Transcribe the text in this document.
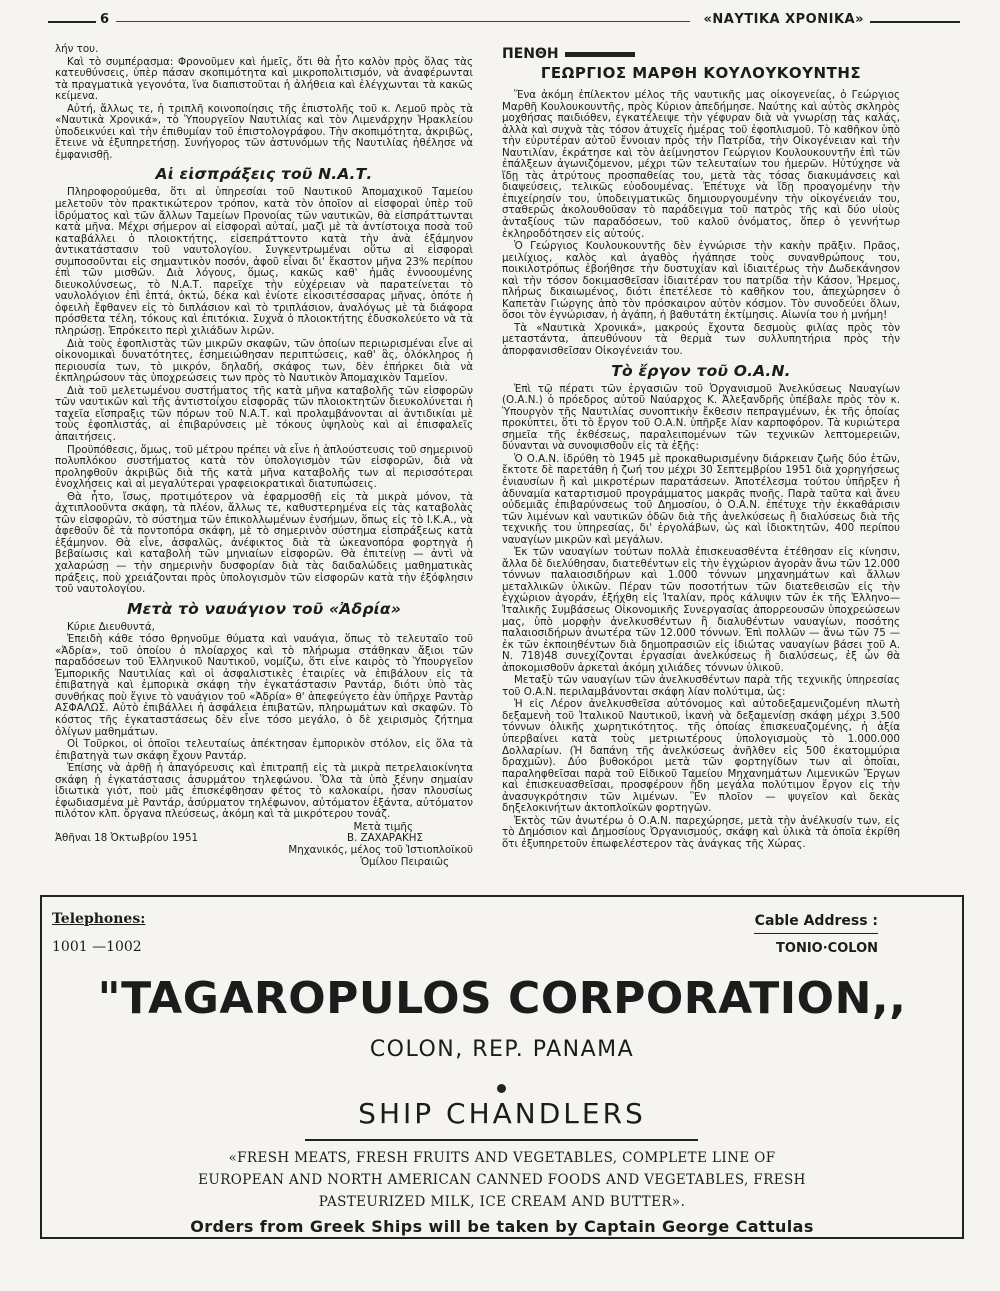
6	«ΝΑΥΤΙΚΑ ΧΡΟΝΙΚΑ»

λήν του.

Καὶ τὸ συμπέρασμα: Φρονοῦμεν καὶ ἡμεῖς, ὅτι θὰ ἦτο καλὸν πρὸς ὅλας τὰς κατευθύνσεις, ὑπὲρ πάσαν σκοπιμότητα καὶ μικροπολιτισμόν, νὰ ἀναφέρωνται τὰ πραγματικὰ γεγονότα, ἵνα διαπιστοῦται ἡ ἀλήθεια καὶ ἐλέγχωνται τὰ κακῶς κείμενα.

Αὐτή, ἄλλως τε, ἡ τριπλῆ κοινοποίησις τῆς ἐπιστολῆς τοῦ κ. Λεμοῦ πρὸς τὰ «Ναυτικὰ Χρονικά», τὸ Ὑπουργεῖον Ναυτιλίας καὶ τὸν Λιμενάρχην Ἡρακλείου ὑποδεικνύει καὶ τὴν ἐπιθυμίαν τοῦ ἐπιστολογράφου. Τὴν σκοπιμότητα, ἀκριβῶς, ἔτεινε νὰ ἐξυπηρετήσῃ. Συνήγορος τῶν ἀστυνόμων τῆς Ναυτιλίας ἠθέλησε νὰ ἐμφανισθῇ.

Αἱ εἰσπράξεις τοῦ Ν.Α.Τ.

Πληροφορούμεθα, ὅτι αἱ ὑπηρεσίαι τοῦ Ναυτικοῦ Ἀπομαχικοῦ Ταμείου μελετοῦν τὸν πρακτικώτερον τρόπον, κατὰ τὸν ὁποῖον αἱ εἰσφοραὶ ὑπὲρ τοῦ ἱδρύματος καὶ τῶν ἄλλων Ταμείων Προνοίας τῶν ναυτικῶν, θὰ εἰσπράττωνται κατὰ μῆνα. Μέχρι σήμερον αἱ εἰσφοραὶ αὐταί, μαζὶ μὲ τὰ ἀντίστοιχα ποσὰ τοῦ καταβάλλει ὁ πλοιοκτήτης, εἰσεπράττοντο κατὰ τὴν ἀνὰ ἑξάμηνον ἀντικατάστασιν τοῦ ναυτολογίου. Συγκεντρωμέναι οὕτω αἱ εἰσφοραὶ συμποσοῦνται εἰς σημαντικὸν ποσόν, ἀφοῦ εἶναι δι' ἕκαστον μῆνα 23% περίπου ἐπὶ τῶν μισθῶν. Διὰ λόγους, ὅμως, κακῶς καθ' ἡμᾶς ἐννοουμένης διευκολύνσεως, τὸ Ν.Α.Τ. παρεῖχε τὴν εὐχέρειαν νὰ παρατείνεται τὸ ναυλολόγιον ἐπὶ ἑπτά, ὀκτώ, δέκα καὶ ἐνίοτε εἰκοσιτέσσαρας μῆνας, ὁπότε ἡ ὀφειλὴ ἔφθανεν εἰς τὸ διπλάσιον καὶ τὸ τριπλάσιον, ἀναλόγως μὲ τὰ διάφορα πρόσθετα τέλη, τόκους καὶ ἐπιτόκια. Συχνὰ ὁ πλοιοκτήτης ἐδυσκολεύετο νὰ τὰ πληρώσῃ. Ἐπρόκειτο περὶ χιλιάδων λιρῶν.

Διὰ τοὺς ἐφοπλιστὰς τῶν μικρῶν σκαφῶν, τῶν ὁποίων περιωρισμέναι εἶνε αἱ οἰκονομικαὶ δυνατότητες, ἐσημειώθησαν περιπτώσεις, καθ' ἃς, ὁλόκληρος ἡ περιουσία των, τὸ μικρόν, δηλαδή, σκάφος των, δὲν ἐπήρκει διὰ νὰ ἐκπληρώσουν τὰς ὑποχρεώσεις των πρὸς τὸ Ναυτικὸν Ἀπομαχικὸν Ταμεῖον.

Διὰ τοῦ μελετωμένου συστήματος τῆς κατὰ μῆνα καταβολῆς τῶν εἰσφορῶν τῶν ναυτικῶν καὶ τῆς ἀντιστοίχου εἰσφορᾶς τῶν πλοιοκτητῶν διευκολύνεται ἡ ταχεῖα εἴσπραξις τῶν πόρων τοῦ Ν.Α.Τ. καὶ προλαμβάνονται αἱ ἀντιδικίαι μὲ τοὺς ἐφοπλιστάς, αἱ ἐπιβαρύνσεις μὲ τόκους ὑψηλοὺς καὶ αἱ ἐπισφαλεῖς ἀπαιτήσεις.

Προϋπόθεσις, ὅμως, τοῦ μέτρου πρέπει νὰ εἶνε ἡ ἁπλούστευσις τοῦ σημερινοῦ πολυπλόκου συστήματος κατὰ τὸν ὑπολογισμὸν τῶν εἰσφορῶν, διὰ νὰ προληφθοῦν ἀκριβῶς διὰ τῆς κατὰ μῆνα καταβολῆς των αἱ περισσότεραι ἐνοχλήσεις καὶ αἱ μεγαλύτεραι γραφειοκρατικαὶ διατυπώσεις.

Θὰ ἦτο, ἴσως, προτιμότερον νὰ ἐφαρμοσθῇ εἰς τὰ μικρὰ μόνον, τὰ ἀχτιπλοοῦντα σκάφη, τὰ πλέον, ἄλλως τε, καθυστερημένα εἰς τὰς καταβολὰς τῶν εἰσφορῶν, τὸ σύστημα τῶν ἐπικολλωμένων ἐνσήμων, ὅπως εἰς τὸ Ι.Κ.Α., νὰ ἀφεθοῦν δὲ τὰ ποντοπόρα σκάφη, μὲ τὸ σημερινὸν σύστημα εἰσπράξεως κατὰ ἑξάμηνον. Θὰ εἶνε, ἀσφαλῶς, ἀνέφικτος διὰ τὰ ὠκεανοπόρα φορτηγὰ ἡ βεβαίωσις καὶ καταβολὴ τῶν μηνιαίων εἰσφορῶν. Θὰ ἐπιτείνῃ — ἀντὶ νὰ χαλαρώσῃ — τὴν σημερινὴν δυσφορίαν διὰ τὰς δαιδαλώδεις μαθηματικὰς πράξεις, ποὺ χρειάζονται πρὸς ὑπολογισμὸν τῶν εἰσφορῶν κατὰ τὴν ἐξόφλησιν τοῦ ναυτολογίου.

Μετὰ τὸ ναυάγιον τοῦ «Ἀδρία»

Κύριε Διευθυντά,

Ἐπειδὴ κάθε τόσο θρηνοῦμε θύματα καὶ ναυάγια, ὅπως τὸ τελευταῖο τοῦ «Ἀδρία», τοῦ ὁποίου ὁ πλοίαρχος καὶ τὸ πλήρωμα στάθηκαν ἄξιοι τῶν παραδόσεων τοῦ Ἑλληνικοῦ Ναυτικοῦ, νομίζω, ὅτι εἶνε καιρὸς τὸ Ὑπουργεῖον Ἐμπορικῆς Ναυτιλίας καὶ οἱ ἀσφαλιστικὲς ἑταιρίες νὰ ἐπιβάλουν εἰς τὰ ἐπιβατηγὰ καὶ ἐμπορικὰ σκάφη τὴν ἐγκατάστασιν Ραντάρ, διότι ὑπὸ τὰς συνθήκας ποὺ ἔγινε τὸ ναυάγιον τοῦ «Ἀδρία» θ' ἀπεφεύγετο ἐὰν ὑπῆρχε Ραντὰρ ΑΣΦΑΛΩΣ. Αὐτὸ ἐπιβάλλει ἡ ἀσφάλεια ἐπιβατῶν, πληρωμάτων καὶ σκαφῶν. Τὸ κόστος τῆς ἐγκαταστάσεως δὲν εἶνε τόσο μεγάλο, ὁ δὲ χειρισμὸς ζήτημα ὀλίγων μαθημάτων.

Οἱ Τοῦρκοι, οἱ ὁποῖοι τελευταίως ἀπέκτησαν ἐμπορικὸν στόλον, εἰς ὅλα τὰ ἐπιβατηγὰ των σκάφη ἔχουν Ραντάρ.

Ἐπίσης νὰ ἀρθῇ ἡ ἀπαγόρευσις καὶ ἐπιτραπῇ εἰς τὰ μικρὰ πετρελαιοκίνητα σκάφη ἡ ἐγκατάστασις ἀσυρμάτου τηλεφώνου. Ὅλα τὰ ὑπὸ ξένην σημαίαν ἰδιωτικὰ γιότ, ποὺ μᾶς ἐπισκέφθησαν φέτος τὸ καλοκαίρι, ἦσαν πλουσίως ἐφωδιασμένα μὲ Ραντάρ, ἀσύρματον τηλέφωνον, αὐτόματον ἑξάντα, αὐτόματον πιλότον κλπ. ὄργανα πλεύσεως, ἀκόμη καὶ τὰ μικρότερου τονάζ.

Μετὰ τιμῆς
Ἀθῆναι 18 Ὀκτωβρίου 1951	Β. ΖΑΧΑΡΑΚΗΣ
Μηχανικός, μέλος τοῦ Ἱστιοπλοϊκοῦ
Ὁμίλου Πειραιῶς
ΠΕΝΘΗ
ΓΕΩΡΓΙΟΣ ΜΑΡΘΗ ΚΟΥΛΟΥΚΟΥΝΤΗΣ

Ἕνα ἀκόμη ἐπίλεκτον μέλος τῆς ναυτικῆς μας οἰκογενείας, ὁ Γεώργιος Μαρθῆ Κουλουκουντῆς, πρὸς Κύριον ἀπεδήμησε. Ναύτης καὶ αὐτὸς σκληρὸς μοχθήσας παιδιόθεν, ἐγκατέλειψε τὴν γέφυραν διὰ νὰ γνωρίσῃ τὰς καλάς, ἀλλὰ καὶ συχνὰ τὰς τόσον ἀτυχεῖς ἡμέρας τοῦ ἐφοπλισμοῦ. Τὸ καθῆκον ὑπὸ τὴν εὐρυτέραν αὐτοῦ ἔννοιαν πρὸς τὴν Πατρίδα, τὴν Οἰκογένειαν καὶ τὴν Ναυτιλίαν, ἐκράτησε καὶ τὸν ἀείμνηστον Γεώργιον Κουλουκουντῆν ἐπὶ τῶν ἐπάλξεων ἀγωνιζόμενον, μέχρι τῶν τελευταίων του ἡμερῶν. Ηὐτύχησε νὰ ἴδῃ τὰς ἀτρύτους προσπαθείας του, μετὰ τὰς τόσας διακυμάνσεις καὶ διαψεύσεις, τελικῶς εὐοδουμένας. Ἐπέτυχε νὰ ἴδῃ προαγομένην τὴν ἐπιχείρησίν του, ὑποδειγματικῶς δημιουργουμένην τὴν οἰκογένειάν του, σταθερῶς ἀκολουθοῦσαν τὸ παράδειγμα τοῦ πατρὸς τῆς καὶ δύο υἱοὺς ἀνταξίους τῶν παραδόσεων, τοῦ καλοῦ ὀνόματος, ὅπερ ὁ γεννήτωρ ἐκληροδότησεν εἰς αὐτούς.

Ὁ Γεώργιος Κουλουκουντῆς δὲν ἐγνώρισε τὴν κακὴν πρᾶξιν. Πρᾶος, μειλίχιος, καλὸς καὶ ἀγαθὸς ἠγάπησε τοὺς συνανθρώπους του, ποικιλοτρόπως ἐβοήθησε τὴν δυστυχίαν καὶ ἰδιαιτέρως τὴν Δωδεκάνησον καὶ τὴν τόσον δοκιμασθεῖσαν ἰδιαιτέραν του πατρίδα τὴν Κάσον. Ἠρεμος, πλήρως δικαιωμένος, διότι ἐπετέλεσε τὸ καθῆκον του, ἀπεχώρησεν ὁ Καπετὰν Γιώργης ἀπὸ τὸν πρόσκαιρον αὐτὸν κόσμον. Τὸν συνοδεύει ὅλων, ὅσοι τὸν ἐγνώρισαν, ἡ ἀγάπη, ἡ βαθυτάτη ἐκτίμησις. Αἰωνία του ἡ μνήμη!

Τὰ «Ναυτικὰ Χρονικά», μακρούς ἔχοντα δεσμοὺς φιλίας πρὸς τὸν μεταστάντα, ἀπευθύνουν τὰ θερμὰ των συλλυπητήρια πρὸς τὴν ἀπορφανισθεῖσαν Οἰκογένειάν του.

Τὸ ἔργον τοῦ Ο.Α.Ν.

Ἐπὶ τῷ πέρατι τῶν ἐργασιῶν τοῦ Ὀργανισμοῦ Ἀνελκύσεως Ναυαγίων (Ο.Α.Ν.) ὁ πρόεδρος αὐτοῦ Ναύαρχος Κ. Ἀλεξανδρῆς ὑπέβαλε πρὸς τὸν κ. Ὑπουργὸν τῆς Ναυτιλίας συνοπτικὴν ἔκθεσιν πεπραγμένων, ἐκ τῆς ὁποίας προκύπτει, ὅτι τὸ ἔργον τοῦ Ο.Α.Ν. ὑπῆρξε λίαν καρποφόρον. Τὰ κυριώτερα σημεῖα τῆς ἐκθέσεως, παραλειπομένων τῶν τεχνικῶν λεπτομερειῶν, δύνανται νὰ συνοψισθοῦν εἰς τὰ ἑξῆς:

Ὁ Ο.Α.Ν. ἱδρύθη τὸ 1945 μὲ προκαθωρισμένην διάρκειαν ζωῆς δύο ἐτῶν, ἔκτοτε δὲ παρετάθη ἡ ζωή του μέχρι 30 Σεπτεμβρίου 1951 διὰ χορηγήσεως ἐνιαυσίων ἢ καὶ μικροτέρων παρατάσεων. Ἀποτέλεσμα τούτου ὑπῆρξεν ἡ ἀδυναμία καταρτισμοῦ προγράμματος μακρᾶς πνοῆς. Παρὰ ταῦτα καὶ ἄνευ οὐδεμιᾶς ἐπιβαρύνσεως τοῦ Δημοσίου, ὁ Ο.Α.Ν. ἐπέτυχε τὴν ἐκκαθάρισιν τῶν λιμένων καὶ ναυτικῶν ὁδῶν διὰ τῆς ἀνελκύσεως ἢ διαλύσεως διὰ τῆς τεχνικῆς του ὑπηρεσίας, δι' ἐργολάβων, ὡς καὶ ἰδιοκτητῶν, 400 περίπου ναυαγίων μικρῶν καὶ μεγάλων.

Ἐκ τῶν ναυαγίων τούτων πολλὰ ἐπισκευασθέντα ἐτέθησαν εἰς κίνησιν, ἄλλα δὲ διελύθησαν, διατεθέντων εἰς τὴν ἐγχώριον ἀγορὰν ἄνω τῶν 12.000 τόννων παλαιοσιδήρων καὶ 1.000 τόννων μηχανημάτων καὶ ἄλλων μεταλλικῶν ὑλικῶν. Πέραν τῶν ποσοτήτων τῶν διατεθεισῶν εἰς τὴν ἐγχώριον ἀγοράν, ἐξήχθη εἰς Ἰταλίαν, πρὸς κάλυψιν τῶν ἐκ τῆς Ἑλληνο—Ἰταλικῆς Συμβάσεως Οἰκονομικῆς Συνεργασίας ἀπορρεουσῶν ὑποχρεώσεων μας, ὑπὸ μορφὴν ἀνελκυσθέντων ἢ διαλυθέντων ναυαγίων, ποσότης παλαιοσιδήρων ἀνωτέρα τῶν 12.000 τόννων. Ἐπὶ πολλῶν — ἄνω τῶν 75 — ἐκ τῶν ἐκποιηθέντων διὰ δημοπρασιῶν εἰς ἰδιώτας ναυαγίων βάσει τοῦ Α. Ν. 718)48 συνεχίζονται ἐργασίαι ἀνελκύσεως ἢ διαλύσεως, ἐξ ὧν θὰ ἀποκομισθοῦν ἀρκεταὶ ἀκόμη χιλιάδες τόννων ὑλικοῦ.

Μεταξὺ τῶν ναυαγίων τῶν ἀνελκυσθέντων παρὰ τῆς τεχνικῆς ὑπηρεσίας τοῦ Ο.Α.Ν. περιλαμβάνονται σκάφη λίαν πολύτιμα, ὡς:

Ἡ εἰς Λέρον ἀνελκυσθεῖσα αὐτόνομος καὶ αὐτοδεξαμενιζομένη πλωτὴ δεξαμενὴ τοῦ Ἰταλικοῦ Ναυτικοῦ, ἱκανὴ νὰ δεξαμενίσῃ σκάφη μέχρι 3.500 τόννων ὁλικῆς χωρητικότητος. τῆς ὁποίας ἐπισκευαζομένης, ἡ ἀξία ὑπερβαίνει κατὰ τοὺς μετριωτέρους ὑπολογισμοὺς τὸ 1.000.000 Δολλαρίων. (Ἡ δαπάνη τῆς ἀνελκύσεως ἀνῆλθεν εἰς 500 ἑκατομμύρια δραχμῶν). Δύο βυθοκόροι μετὰ τῶν φορτηγίδων των αἱ ὁποῖαι, παραληφθεῖσαι παρὰ τοῦ Εἰδικοῦ Ταμείου Μηχανημάτων Λιμενικῶν Ἔργων καὶ ἐπισκευασθεῖσαι, προσφέρουν ἤδη μεγάλα πολύτιμον ἔργον εἰς τὴν ἀνασυγκρότησιν τῶν λιμένων. Ἓν πλοῖον — ψυγεῖον καὶ δεκὰς δηξελοκινήτων ἀκτοπλοϊκῶν φορτηγῶν.

Ἐκτὸς τῶν ἀνωτέρω ὁ Ο.Α.Ν. παρεχώρησε, μετὰ τὴν ἀνέλκυσίν των, εἰς τὸ Δημόσιον καὶ Δημοσίους Ὀργανισμούς, σκάφη καὶ ὑλικὰ τὰ ὁποῖα ἐκρίθη ὅτι ἐξυπηρετοῦν ἐπωφελέστερον τὰς ἀνάγκας τῆς Χώρας.

Telephones:
1001 —1002
Cable Address :
TONIO·COLON
"TAGAROPULOS CORPORATION,,
COLON, REP. PANAMA
SHIP CHANDLERS
«FRESH MEATS, FRESH FRUITS AND VEGETABLES, COMPLETE LINE OF
EUROPEAN AND NORTH AMERICAN CANNED FOODS AND VEGETABLES, FRESH
PASTEURIZED MILK, ICE CREAM AND BUTTER».
Orders from Greek Ships will be taken by Captain George Cattulas
